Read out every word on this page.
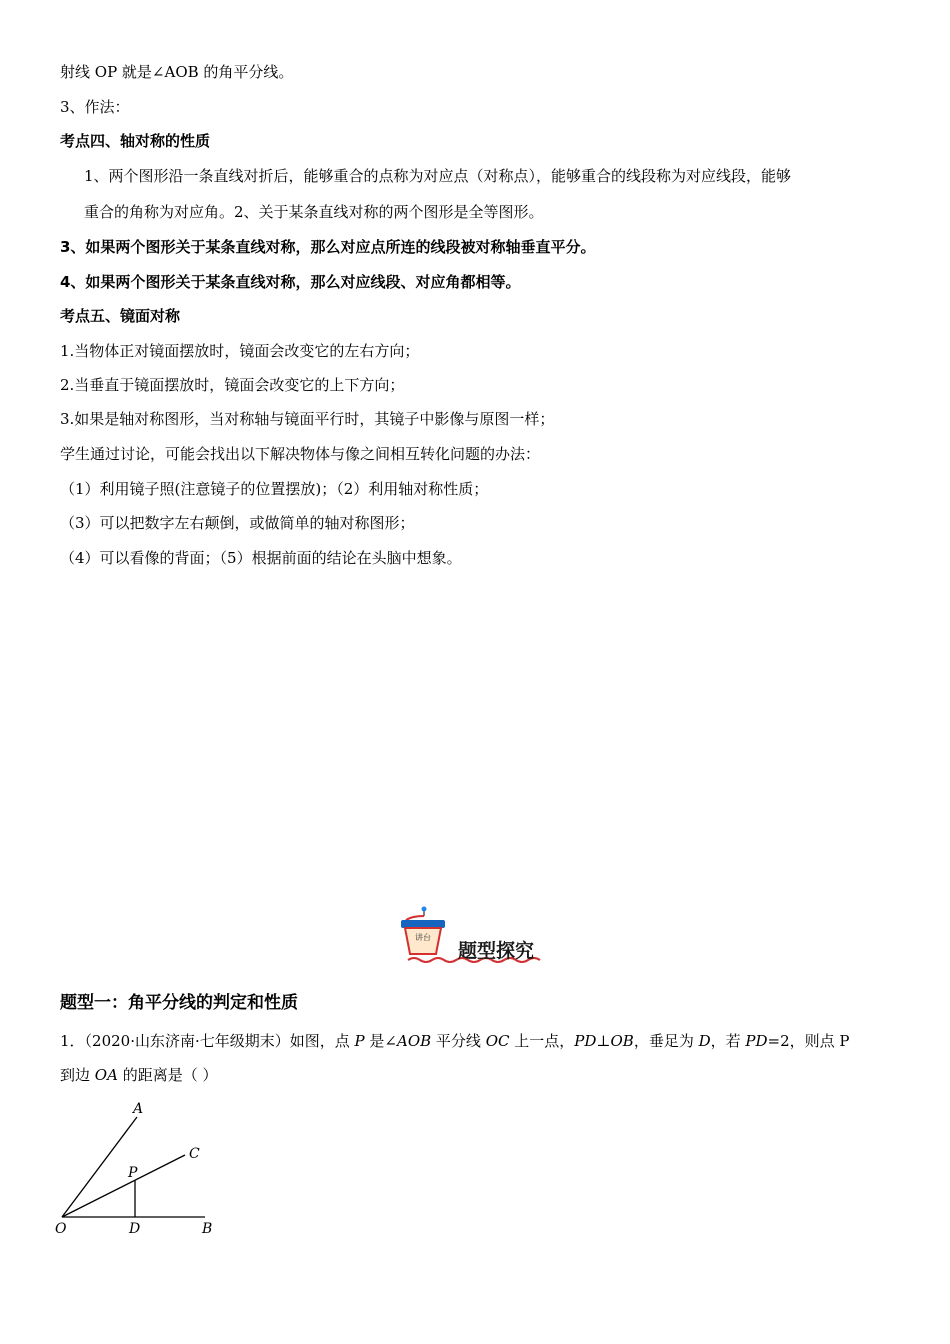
射线 OP 就是∠AOB 的角平分线。
3、作法：
考点四、轴对称的性质
1、两个图形沿一条直线对折后，能够重合的点称为对应点（对称点），能够重合的线段称为对应线段，能够
重合的角称为对应角。2、关于某条直线对称的两个图形是全等图形。
3、如果两个图形关于某条直线对称，那么对应点所连的线段被对称轴垂直平分。
4、如果两个图形关于某条直线对称，那么对应线段、对应角都相等。
考点五、镜面对称
1.当物体正对镜面摆放时，镜面会改变它的左右方向；
2.当垂直于镜面摆放时，镜面会改变它的上下方向；
3.如果是轴对称图形，当对称轴与镜面平行时，其镜子中影像与原图一样；
学生通过讨论，可能会找出以下解决物体与像之间相互转化问题的办法：
（1）利用镜子照(注意镜子的位置摆放)；（2）利用轴对称性质；
（3）可以把数字左右颠倒，或做简单的轴对称图形；
（4）可以看像的背面；（5）根据前面的结论在头脑中想象。
讲台
题型探究
题型一：角平分线的判定和性质
1．（2020·山东济南·七年级期末）如图，点 P 是∠AOB 平分线 OC 上一点，PD⊥OB，垂足为 D，若 PD=2，则点 P
到边 OA 的距离是（ ）
A
C
P
O	D	B
